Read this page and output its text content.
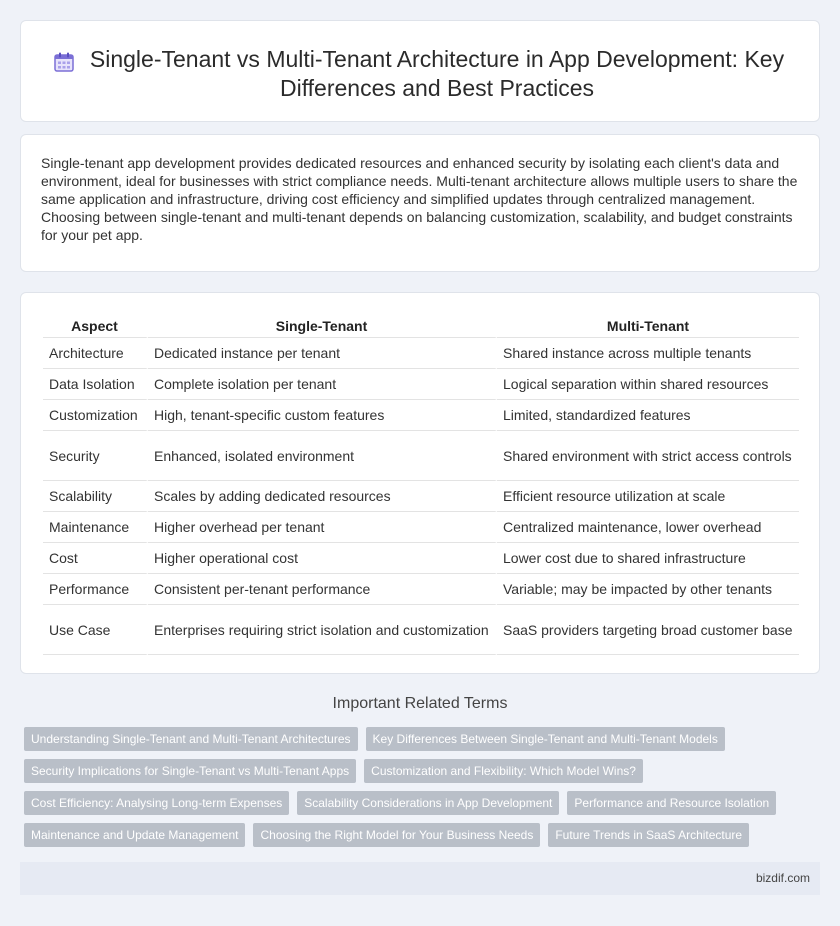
Single-Tenant vs Multi-Tenant Architecture in App Development: Key Differences and Best Practices

Single-tenant app development provides dedicated resources and enhanced security by isolating each client's data and environment, ideal for businesses with strict compliance needs. Multi-tenant architecture allows multiple users to share the same application and infrastructure, driving cost efficiency and simplified updates through centralized management. Choosing between single-tenant and multi-tenant depends on balancing customization, scalability, and budget constraints for your pet app.

Aspect	Single-Tenant	Multi-Tenant
Architecture	Dedicated instance per tenant	Shared instance across multiple tenants
Data Isolation	Complete isolation per tenant	Logical separation within shared resources
Customization	High, tenant-specific custom features	Limited, standardized features
Security	Enhanced, isolated environment	Shared environment with strict access controls
Scalability	Scales by adding dedicated resources	Efficient resource utilization at scale
Maintenance	Higher overhead per tenant	Centralized maintenance, lower overhead
Cost	Higher operational cost	Lower cost due to shared infrastructure
Performance	Consistent per-tenant performance	Variable; may be impacted by other tenants
Use Case	Enterprises requiring strict isolation and customization	SaaS providers targeting broad customer base
Important Related Terms
Understanding Single-Tenant and Multi-Tenant Architectures	Key Differences Between Single-Tenant and Multi-Tenant Models
Security Implications for Single-Tenant vs Multi-Tenant Apps	Customization and Flexibility: Which Model Wins?
Cost Efficiency: Analysing Long-term Expenses	Scalability Considerations in App Development	Performance and Resource Isolation
Maintenance and Update Management	Choosing the Right Model for Your Business Needs	Future Trends in SaaS Architecture
bizdif.com
